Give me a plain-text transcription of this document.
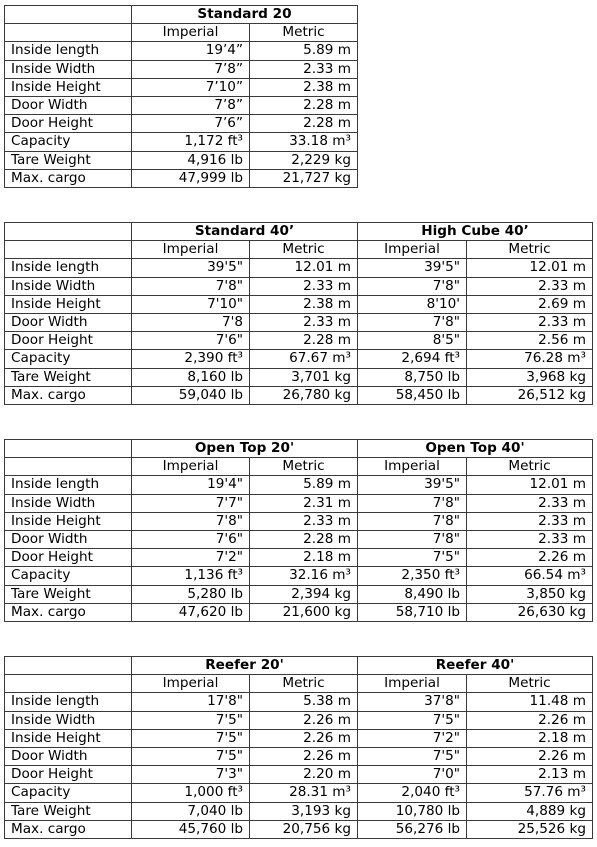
	Standard 20	
	Imperial	Metric
Inside length	19’4”	5.89 m
Inside Width	7’8”	2.33 m
Inside Height	7’10”	2.38 m
Door Width	7’8”	2.28 m
Door Height	7’6”	2.28 m
Capacity	1,172 ft³	33.18 m³
Tare Weight	4,916 lb	2,229 kg
Max. cargo	47,999 lb	21,727 kg
	Standard 40’		High Cube 40’	
	Imperial	Metric	Imperial	Metric
Inside length	39'5"	12.01 m	39'5"	12.01 m
Inside Width	7'8"	2.33 m	7'8"	2.33 m
Inside Height	7'10"	2.38 m	8'10'	2.69 m
Door Width	7'8	2.33 m	7'8"	2.33 m
Door Height	7'6"	2.28 m	8'5"	2.56 m
Capacity	2,390 ft³	67.67 m³	2,694 ft³	76.28 m³
Tare Weight	8,160 lb	3,701 kg	8,750 lb	3,968 kg
Max. cargo	59,040 lb	26,780 kg	58,450 lb	26,512 kg
	Open Top 20'		Open Top 40'	
	Imperial	Metric	Imperial	Metric
Inside length	19'4"	5.89 m	39'5"	12.01 m
Inside Width	7'7"	2.31 m	7'8"	2.33 m
Inside Height	7'8"	2.33 m	7'8"	2.33 m
Door Width	7'6"	2.28 m	7'8"	2.33 m
Door Height	7'2"	2.18 m	7'5"	2.26 m
Capacity	1,136 ft³	32.16 m³	2,350 ft³	66.54 m³
Tare Weight	5,280 lb	2,394 kg	8,490 lb	3,850 kg
Max. cargo	47,620 lb	21,600 kg	58,710 lb	26,630 kg
	Reefer 20'		Reefer 40'	
	Imperial	Metric	Imperial	Metric
Inside length	17'8"	5.38 m	37'8"	11.48 m
Inside Width	7'5"	2.26 m	7'5"	2.26 m
Inside Height	7'5"	2.26 m	7'2"	2.18 m
Door Width	7'5"	2.26 m	7'5"	2.26 m
Door Height	7'3"	2.20 m	7'0"	2.13 m
Capacity	1,000 ft³	28.31 m³	2,040 ft³	57.76 m³
Tare Weight	7,040 lb	3,193 kg	10,780 lb	4,889 kg
Max. cargo	45,760 lb	20,756 kg	56,276 lb	25,526 kg
